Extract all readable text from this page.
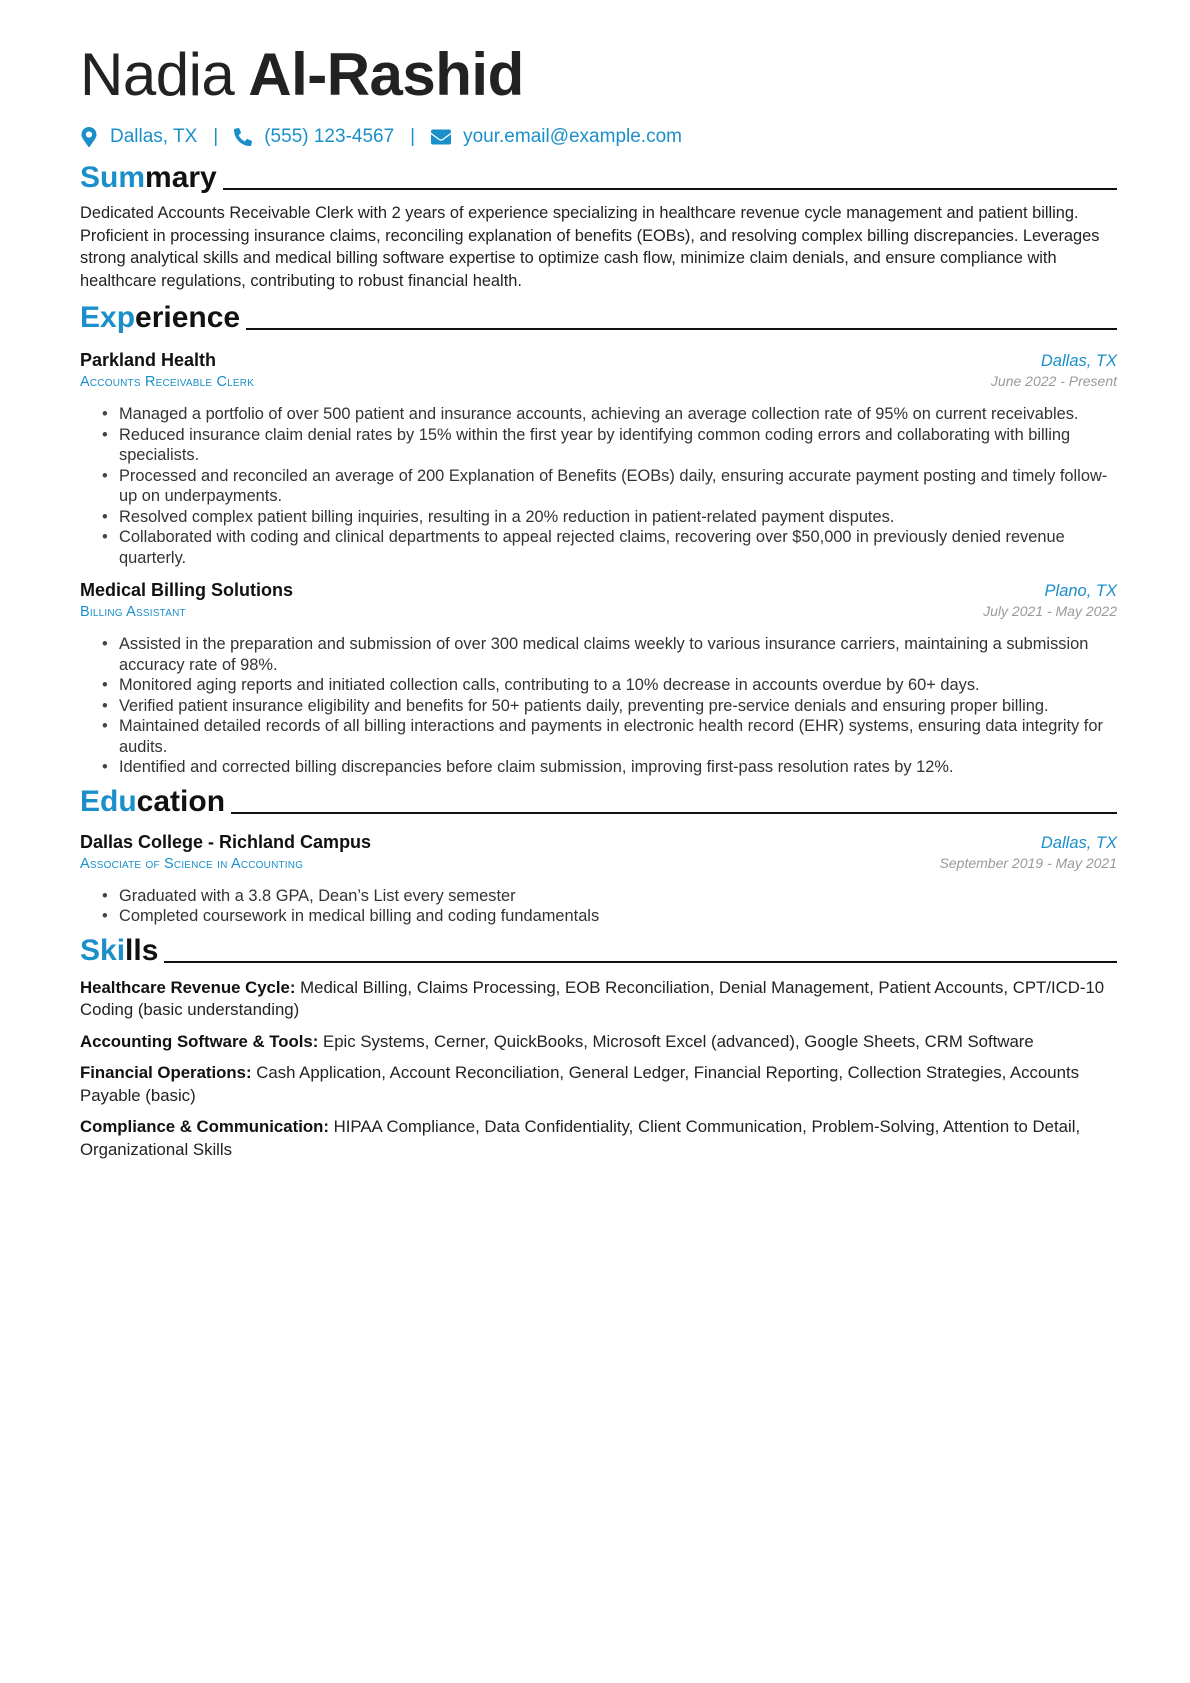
Nadia Al-Rashid
Dallas, TX | (555) 123-4567 |	your.email@example.com
Summary
Dedicated Accounts Receivable Clerk with 2 years of experience specializing in healthcare revenue cycle management and patient billing. Proficient in processing insurance claims, reconciling explanation of benefits (EOBs), and resolving complex billing discrepancies. Leverages strong analytical skills and medical billing software expertise to optimize cash flow, minimize claim denials, and ensure compliance with healthcare regulations, contributing to robust financial health.
Experience
Parkland Health	Dallas, TX
Accounts Receivable Clerk	June 2022 - Present
• Managed a portfolio of over 500 patient and insurance accounts, achieving an average collection rate of 95% on current receivables.
• Reduced insurance claim denial rates by 15% within the first year by identifying common coding errors and collaborating with billing specialists.
• Processed and reconciled an average of 200 Explanation of Benefits (EOBs) daily, ensuring accurate payment posting and timely follow-up on underpayments.
• Resolved complex patient billing inquiries, resulting in a 20% reduction in patient-related payment disputes.
• Collaborated with coding and clinical departments to appeal rejected claims, recovering over $50,000 in previously denied revenue quarterly.
Medical Billing Solutions	Plano, TX
Billing Assistant	July 2021 - May 2022
• Assisted in the preparation and submission of over 300 medical claims weekly to various insurance carriers, maintaining a submission accuracy rate of 98%.
• Monitored aging reports and initiated collection calls, contributing to a 10% decrease in accounts overdue by 60+ days.
• Verified patient insurance eligibility and benefits for 50+ patients daily, preventing pre-service denials and ensuring proper billing.
• Maintained detailed records of all billing interactions and payments in electronic health record (EHR) systems, ensuring data integrity for audits.
• Identified and corrected billing discrepancies before claim submission, improving first-pass resolution rates by 12%.
Education
Dallas College - Richland Campus	Dallas, TX
Associate of Science in Accounting	September 2019 - May 2021
• Graduated with a 3.8 GPA, Dean’s List every semester
• Completed coursework in medical billing and coding fundamentals
Skills
Healthcare Revenue Cycle: Medical Billing, Claims Processing, EOB Reconciliation, Denial Management, Patient Accounts, CPT/ICD-10 Coding (basic understanding)
Accounting Software & Tools: Epic Systems, Cerner, QuickBooks, Microsoft Excel (advanced), Google Sheets, CRM Software
Financial Operations: Cash Application, Account Reconciliation, General Ledger, Financial Reporting, Collection Strategies, Accounts Payable (basic)
Compliance & Communication: HIPAA Compliance, Data Confidentiality, Client Communication, Problem-Solving, Attention to Detail, Organizational Skills
